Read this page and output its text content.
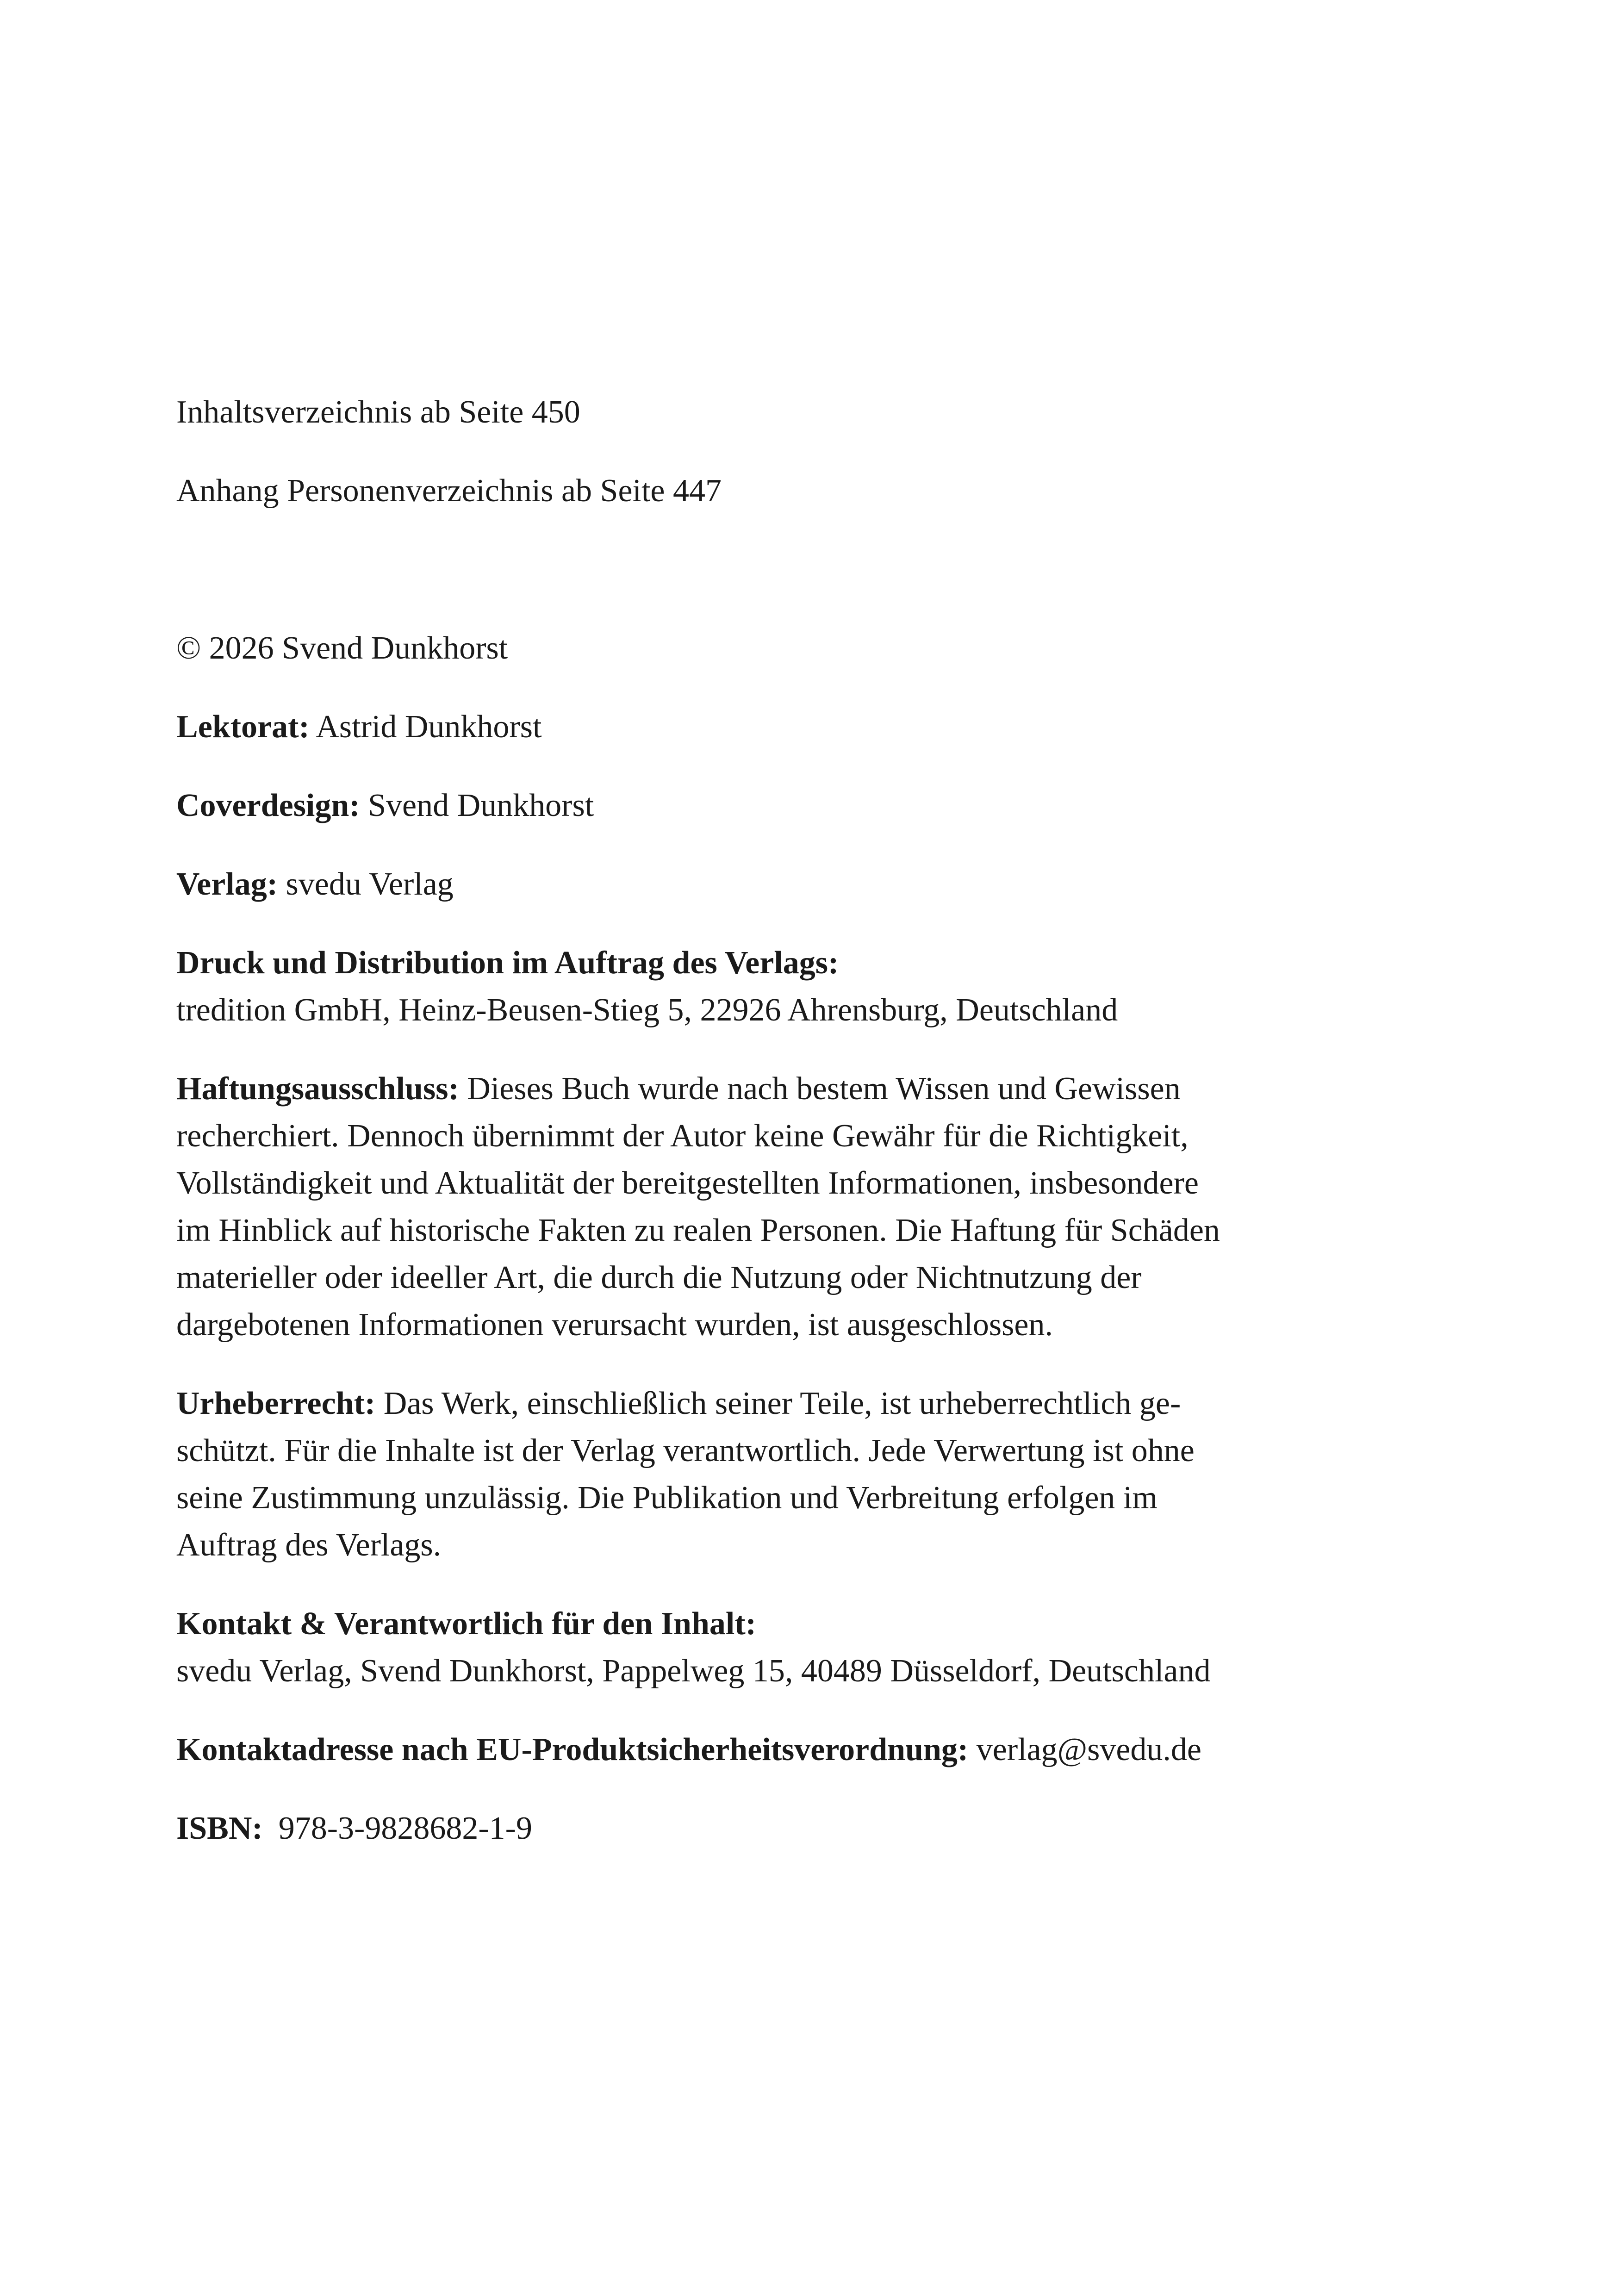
Inhaltsverzeichnis ab Seite 450

Anhang Personenverzeichnis ab Seite 447

© 2026 Svend Dunkhorst

Lektorat: Astrid Dunkhorst

Coverdesign: Svend Dunkhorst

Verlag: svedu Verlag

Druck und Distribution im Auftrag des Verlags:
tredition GmbH, Heinz-Beusen-Stieg 5, 22926 Ahrensburg, Deutschland

Haftungsausschluss: Dieses Buch wurde nach bestem Wissen und Gewissen
recherchiert. Dennoch übernimmt der Autor keine Gewähr für die Richtigkeit,
Vollständigkeit und Aktualität der bereitgestellten Informationen, insbesondere
im Hinblick auf historische Fakten zu realen Personen. Die Haftung für Schäden
materieller oder ideeller Art, die durch die Nutzung oder Nichtnutzung der
dargebotenen Informationen verursacht wurden, ist ausgeschlossen.

Urheberrecht: Das Werk, einschließlich seiner Teile, ist urheberrechtlich ge-
schützt. Für die Inhalte ist der Verlag verantwortlich. Jede Verwertung ist ohne
seine Zustimmung unzulässig. Die Publikation und Verbreitung erfolgen im
Auftrag des Verlags.

Kontakt & Verantwortlich für den Inhalt:
svedu Verlag, Svend Dunkhorst, Pappelweg 15, 40489 Düsseldorf, Deutschland

Kontaktadresse nach EU-Produktsicherheitsverordnung: verlag@svedu.de

ISBN: 978-3-9828682-1-9
